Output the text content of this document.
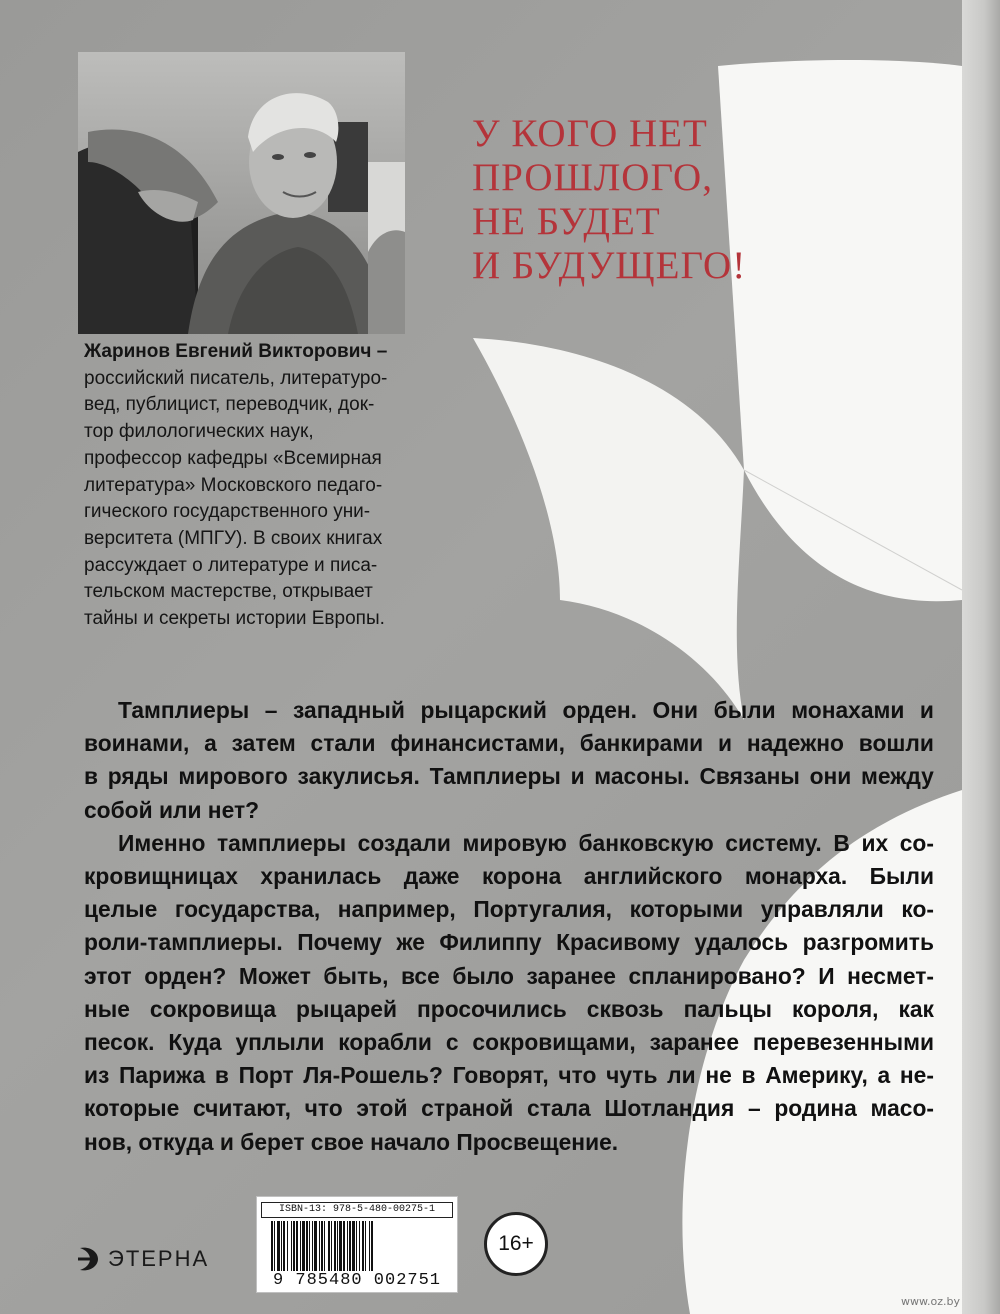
У КОГО НЕТ
ПРОШЛОГО,
НЕ БУДЕТ
И БУДУЩЕГО!
Жаринов Евгений Викторович –
российский писатель, литературо-
вед, публицист, переводчик, док-
тор филологических наук,
профессор кафедры «Всемирная
литература» Московского педаго-
гического государственного уни-
верситета (МПГУ). В своих книгах
рассуждает о литературе и писа-
тельском мастерстве, открывает
тайны и секреты истории Европы.
Тамплиеры – западный рыцарский орден. Они были монахами и
воинами, а затем стали финансистами, банкирами и надежно вошли
в ряды мирового закулисья. Тамплиеры и масоны. Связаны они между
собой или нет?
Именно тамплиеры создали мировую банковскую систему. В их со-
кровищницах хранилась даже корона английского монарха. Были
целые государства, например, Португалия, которыми управляли ко-
роли-тамплиеры. Почему же Филиппу Красивому удалось разгромить
этот орден? Может быть, все было заранее спланировано? И несмет-
ные сокровища рыцарей просочились сквозь пальцы короля, как
песок. Куда уплыли корабли с сокровищами, заранее перевезенными
из Парижа в Порт Ля-Рошель? Говорят, что чуть ли не в Америку, а не-
которые считают, что этой страной стала Шотландия – родина масо-
нов, откуда и берет свое начало Просвещение.
ЭТЕРНА
ISBN-13: 978-5-480-00275-1
9 785480 002751
16+
www.oz.by
